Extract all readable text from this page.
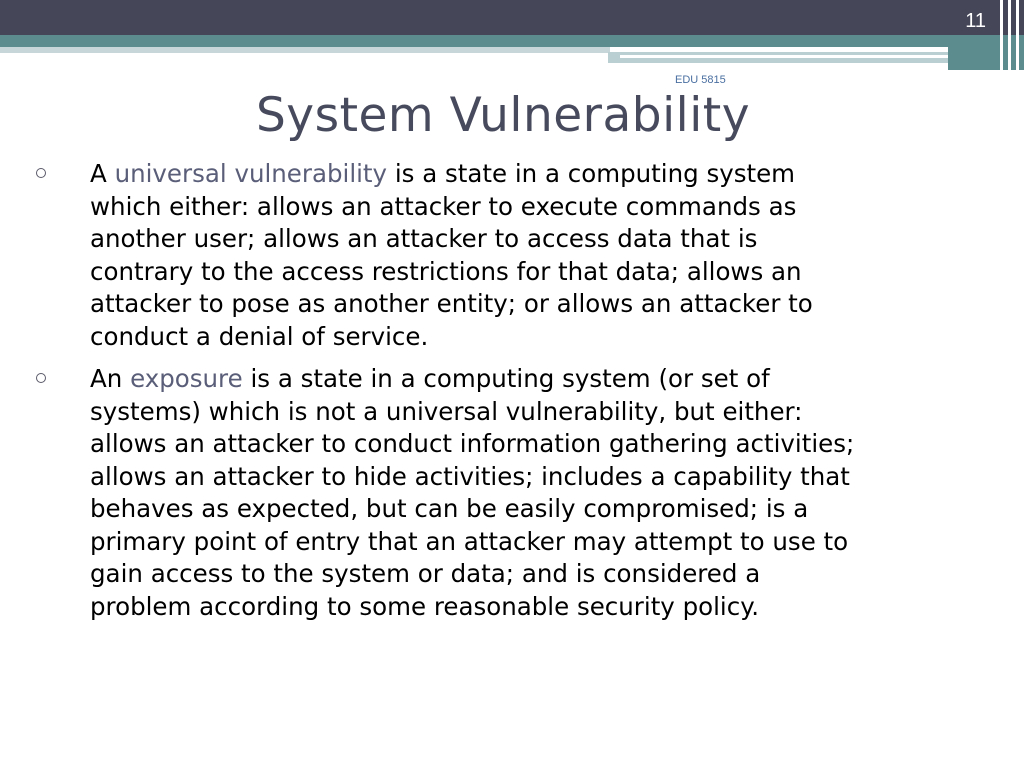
11
EDU 5815
System Vulnerability
A universal vulnerability is a state in a computing system which either: allows an attacker to execute commands as another user; allows an attacker to access data that is contrary to the access restrictions for that data; allows an attacker to pose as another entity; or allows an attacker to conduct a denial of service.
An exposure is a state in a computing system (or set of systems) which is not a universal vulnerability, but either: allows an attacker to conduct information gathering activities; allows an attacker to hide activities; includes a capability that behaves as expected, but can be easily compromised; is a primary point of entry that an attacker may attempt to use to gain access to the system or data; and is considered a problem according to some reasonable security policy.
